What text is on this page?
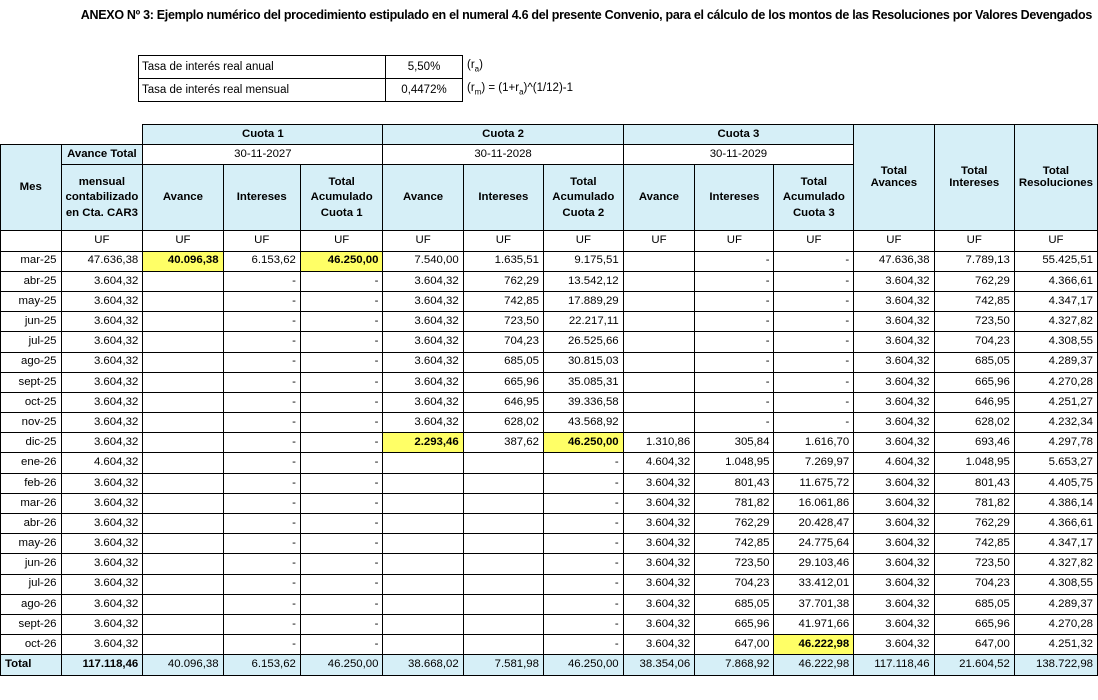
ANEXO Nº 3: Ejemplo numérico del procedimiento estipulado en el numeral 4.6 del presente Convenio, para el cálculo de los montos de las Resoluciones por Valores Devengados
Tasa de interés real anual	5,50%
Tasa de interés real mensual	0,4472%
$(r_a)$
$(r_m)$ = $(1+r_a)\^{}(1/12)-1$
		Cuota 1			Cuota 2			Cuota 3			Total Avances	Total Intereses	Total Resoluciones
Mes	Avance Total	30-11-2027			30-11-2028			30-11-2029					
	mensual contabilizado en Cta. CAR3	Avance	Intereses	Total Acumulado Cuota 1	Avance	Intereses	Total Acumulado Cuota 2	Avance	Intereses	Total Acumulado Cuota 3			
	UF	UF	UF	UF	UF	UF	UF	UF	UF	UF	UF	UF	UF
mar-25	47.636,38	40.096,38	6.153,62	46.250,00	7.540,00	1.635,51	9.175,51		-	-	47.636,38	7.789,13	55.425,51
abr-25	3.604,32		-	-	3.604,32	762,29	13.542,12		-	-	3.604,32	762,29	4.366,61
may-25	3.604,32		-	-	3.604,32	742,85	17.889,29		-	-	3.604,32	742,85	4.347,17
jun-25	3.604,32		-	-	3.604,32	723,50	22.217,11		-	-	3.604,32	723,50	4.327,82
jul-25	3.604,32		-	-	3.604,32	704,23	26.525,66		-	-	3.604,32	704,23	4.308,55
ago-25	3.604,32		-	-	3.604,32	685,05	30.815,03		-	-	3.604,32	685,05	4.289,37
sept-25	3.604,32		-	-	3.604,32	665,96	35.085,31		-	-	3.604,32	665,96	4.270,28
oct-25	3.604,32		-	-	3.604,32	646,95	39.336,58		-	-	3.604,32	646,95	4.251,27
nov-25	3.604,32		-	-	3.604,32	628,02	43.568,92		-	-	3.604,32	628,02	4.232,34
dic-25	3.604,32		-	-	2.293,46	387,62	46.250,00	1.310,86	305,84	1.616,70	3.604,32	693,46	4.297,78
ene-26	4.604,32		-	-			-	4.604,32	1.048,95	7.269,97	4.604,32	1.048,95	5.653,27
feb-26	3.604,32		-	-			-	3.604,32	801,43	11.675,72	3.604,32	801,43	4.405,75
mar-26	3.604,32		-	-			-	3.604,32	781,82	16.061,86	3.604,32	781,82	4.386,14
abr-26	3.604,32		-	-			-	3.604,32	762,29	20.428,47	3.604,32	762,29	4.366,61
may-26	3.604,32		-	-			-	3.604,32	742,85	24.775,64	3.604,32	742,85	4.347,17
jun-26	3.604,32		-	-			-	3.604,32	723,50	29.103,46	3.604,32	723,50	4.327,82
jul-26	3.604,32		-	-			-	3.604,32	704,23	33.412,01	3.604,32	704,23	4.308,55
ago-26	3.604,32		-	-			-	3.604,32	685,05	37.701,38	3.604,32	685,05	4.289,37
sept-26	3.604,32		-	-			-	3.604,32	665,96	41.971,66	3.604,32	665,96	4.270,28
oct-26	3.604,32		-	-			-	3.604,32	647,00	46.222,98	3.604,32	647,00	4.251,32
Total	117.118,46	40.096,38	6.153,62	46.250,00	38.668,02	7.581,98	46.250,00	38.354,06	7.868,92	46.222,98	117.118,46	21.604,52	138.722,98
